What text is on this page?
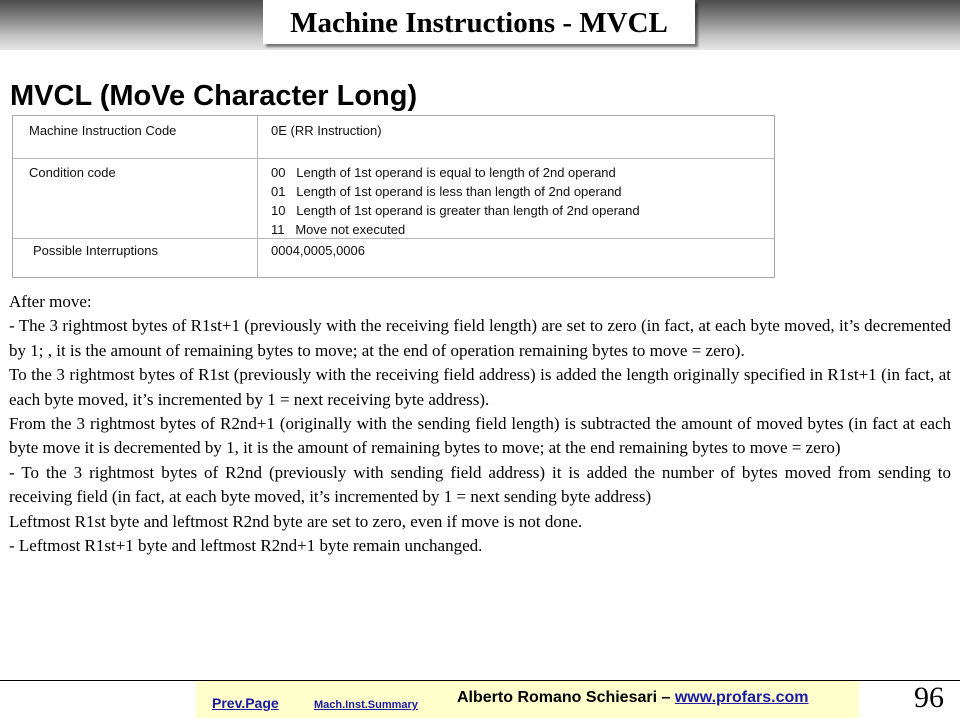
Machine Instructions - MVCL
MVCL (MoVe Character Long)
Machine Instruction Code	0E (RR Instruction)
Condition code	00   Length of 1st operand is equal to length of 2nd operand
01   Length of 1st operand is less than length of 2nd operand
10   Length of 1st operand is greater than length of 2nd operand
11   Move not executed
Possible Interruptions	0004,0005,0006

After move:

- The 3 rightmost bytes of R1st+1 (previously with the receiving field length) are set to zero (in fact, at each byte moved, it’s decremented by 1; , it is the amount of remaining bytes to move; at the end of operation remaining bytes to move = zero).

To the 3 rightmost bytes of R1st (previously with the receiving field address) is added the length originally specified in R1st+1 (in fact, at each byte moved, it’s incremented by 1 = next receiving byte address).

From the 3 rightmost bytes of R2nd+1 (originally with the sending field length) is subtracted the amount of moved bytes (in fact at each byte move it is decremented by 1, it is the amount of remaining bytes to move; at the end remaining bytes to move = zero)

- To the 3 rightmost bytes of R2nd (previously with sending field address) it is added the number of bytes moved from sending to receiving field (in fact, at each byte moved, it’s incremented by 1 = next sending byte address)

Leftmost R1st byte and leftmost R2nd byte are set to zero, even if move is not done.

- Leftmost R1st+1 byte and leftmost R2nd+1 byte remain unchanged.

Prev.Page	Mach.Inst.Summary Alberto Romano Schiesari – www.profars.com	96
